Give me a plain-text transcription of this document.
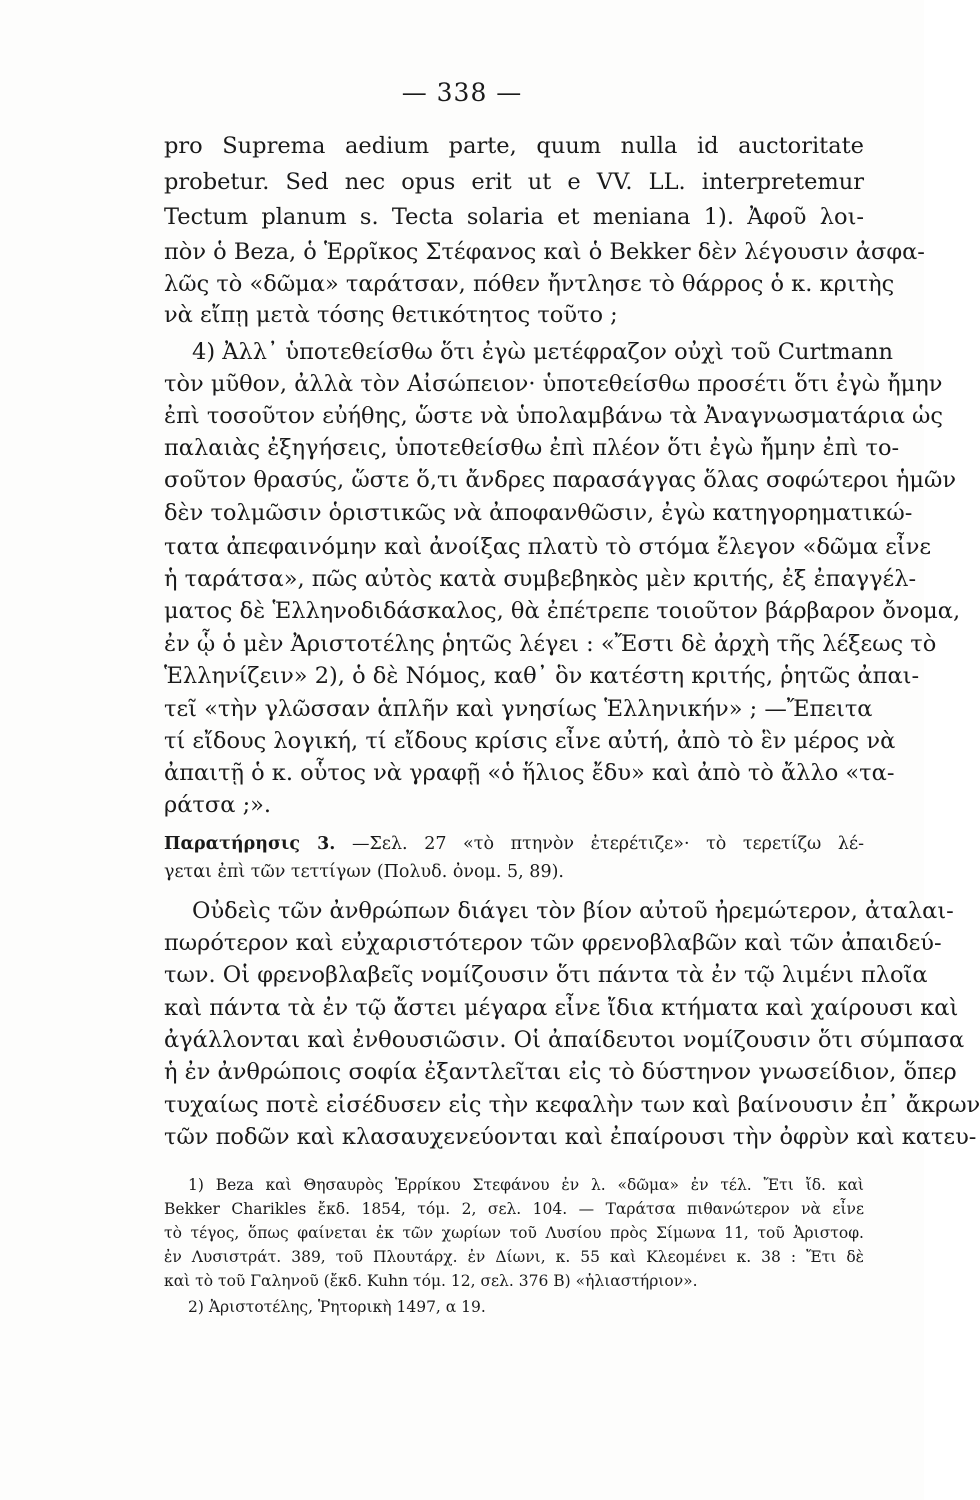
— 338 —
pro Suprema aedium parte, quum nulla id auctoritate
probetur. Sed nec opus erit ut e VV. LL. interpretemur
Tectum planum s. Tecta solaria et meniana 1). Ἀφοῦ λοι-
πὸν ὁ Beza, ὁ Ἑρρῖκος Στέφανος καὶ ὁ Bekker δὲν λέγουσιν ἀσφα-
λῶς τὸ «δῶμα» ταράτσαν, πόθεν ἤντλησε τὸ θάρρος ὁ κ. κριτὴς
νὰ εἴπῃ μετὰ τόσης θετικότητος τοῦτο ;
4) Ἀλλ᾽ ὑποτεθείσθω ὅτι ἐγὼ μετέφραζον οὐχὶ τοῦ Curtmann
τὸν μῦθον, ἀλλὰ τὸν Αἰσώπειον· ὑποτεθείσθω προσέτι ὅτι ἐγὼ ἤμην
ἐπὶ τοσοῦτον εὐήθης, ὥστε νὰ ὑπολαμβάνω τὰ Ἀναγνωσματάρια ὡς
παλαιὰς ἐξηγήσεις, ὑποτεθείσθω ἐπὶ πλέον ὅτι ἐγὼ ἤμην ἐπὶ το-
σοῦτον θρασύς, ὥστε ὅ,τι ἄνδρες παρασάγγας ὅλας σοφώτεροι ἡμῶν
δὲν τολμῶσιν ὁριστικῶς νὰ ἀποφανθῶσιν, ἐγὼ κατηγορηματικώ-
τατα ἀπεφαινόμην καὶ ἀνοίξας πλατὺ τὸ στόμα ἔλεγον «δῶμα εἶνε
ἡ ταράτσα», πῶς αὐτὸς κατὰ συμβεβηκὸς μὲν κριτής, ἐξ ἐπαγγέλ-
ματος δὲ Ἑλληνοδιδάσκαλος, θὰ ἐπέτρεπε τοιοῦτον βάρβαρον ὄνομα,
ἐν ᾧ ὁ μὲν Ἀριστοτέλης ῥητῶς λέγει : «Ἔστι δὲ ἀρχὴ τῆς λέξεως τὸ
Ἑλληνίζειν» 2), ὁ δὲ Νόμος, καθ᾽ ὃν κατέστη κριτής, ῥητῶς ἀπαι-
τεῖ «τὴν γλῶσσαν ἁπλῆν καὶ γνησίως Ἑλληνικήν» ; —Ἔπειτα
τί εἴδους λογική, τί εἴδους κρίσις εἶνε αὐτή, ἀπὸ τὸ ἓν μέρος νὰ
ἀπαιτῇ ὁ κ. οὗτος νὰ γραφῇ «ὁ ἥλιος ἔδυ» καὶ ἀπὸ τὸ ἄλλο «τα-
ράτσα ;».
Παρατήρησις 3. —Σελ. 27 «τὸ πτηνὸν ἐτερέτιζε»· τὸ τερετίζω λέ-
γεται ἐπὶ τῶν τεττίγων (Πολυδ. ὀνομ. 5, 89).
Οὐδεὶς τῶν ἀνθρώπων διάγει τὸν βίον αὐτοῦ ἠρεμώτερον, ἀταλαι-
πωρότερον καὶ εὐχαριστότερον τῶν φρενοβλαβῶν καὶ τῶν ἀπαιδεύ-
των. Οἱ φρενοβλαβεῖς νομίζουσιν ὅτι πάντα τὰ ἐν τῷ λιμένι πλοῖα
καὶ πάντα τὰ ἐν τῷ ἄστει μέγαρα εἶνε ἴδια κτήματα καὶ χαίρουσι καὶ
ἀγάλλονται καὶ ἐνθουσιῶσιν. Οἱ ἀπαίδευτοι νομίζουσιν ὅτι σύμπασα
ἡ ἐν ἀνθρώποις σοφία ἐξαντλεῖται εἰς τὸ δύστηνον γνωσείδιον, ὅπερ
τυχαίως ποτὲ εἰσέδυσεν εἰς τὴν κεφαλὴν των καὶ βαίνουσιν ἐπ᾽ ἄκρων
τῶν ποδῶν καὶ κλασαυχενεύονται καὶ ἐπαίρουσι τὴν ὀφρὺν καὶ κατευ-
1) Beza καὶ Θησαυρὸς Ἑρρίκου Στεφάνου ἐν λ. «δῶμα» ἐν τέλ. Ἔτι ἴδ. καὶ
Bekker Charikles ἔκδ. 1854, τόμ. 2, σελ. 104. — Ταράτσα πιθανώτερον νὰ εἶνε
τὸ τέγος, ὅπως φαίνεται ἐκ τῶν χωρίων τοῦ Λυσίου πρὸς Σίμωνα 11, τοῦ Ἀριστοφ.
ἐν Λυσιστράτ. 389, τοῦ Πλουτάρχ. ἐν Δίωνι, κ. 55 καὶ Κλεομένει κ. 38 : Ἔτι δὲ
καὶ τὸ τοῦ Γαληνοῦ (ἔκδ. Kuhn τόμ. 12, σελ. 376 Β) «ἡλιαστήριον».
2) Ἀριστοτέλης, Ῥητορικὴ 1497, α 19.
